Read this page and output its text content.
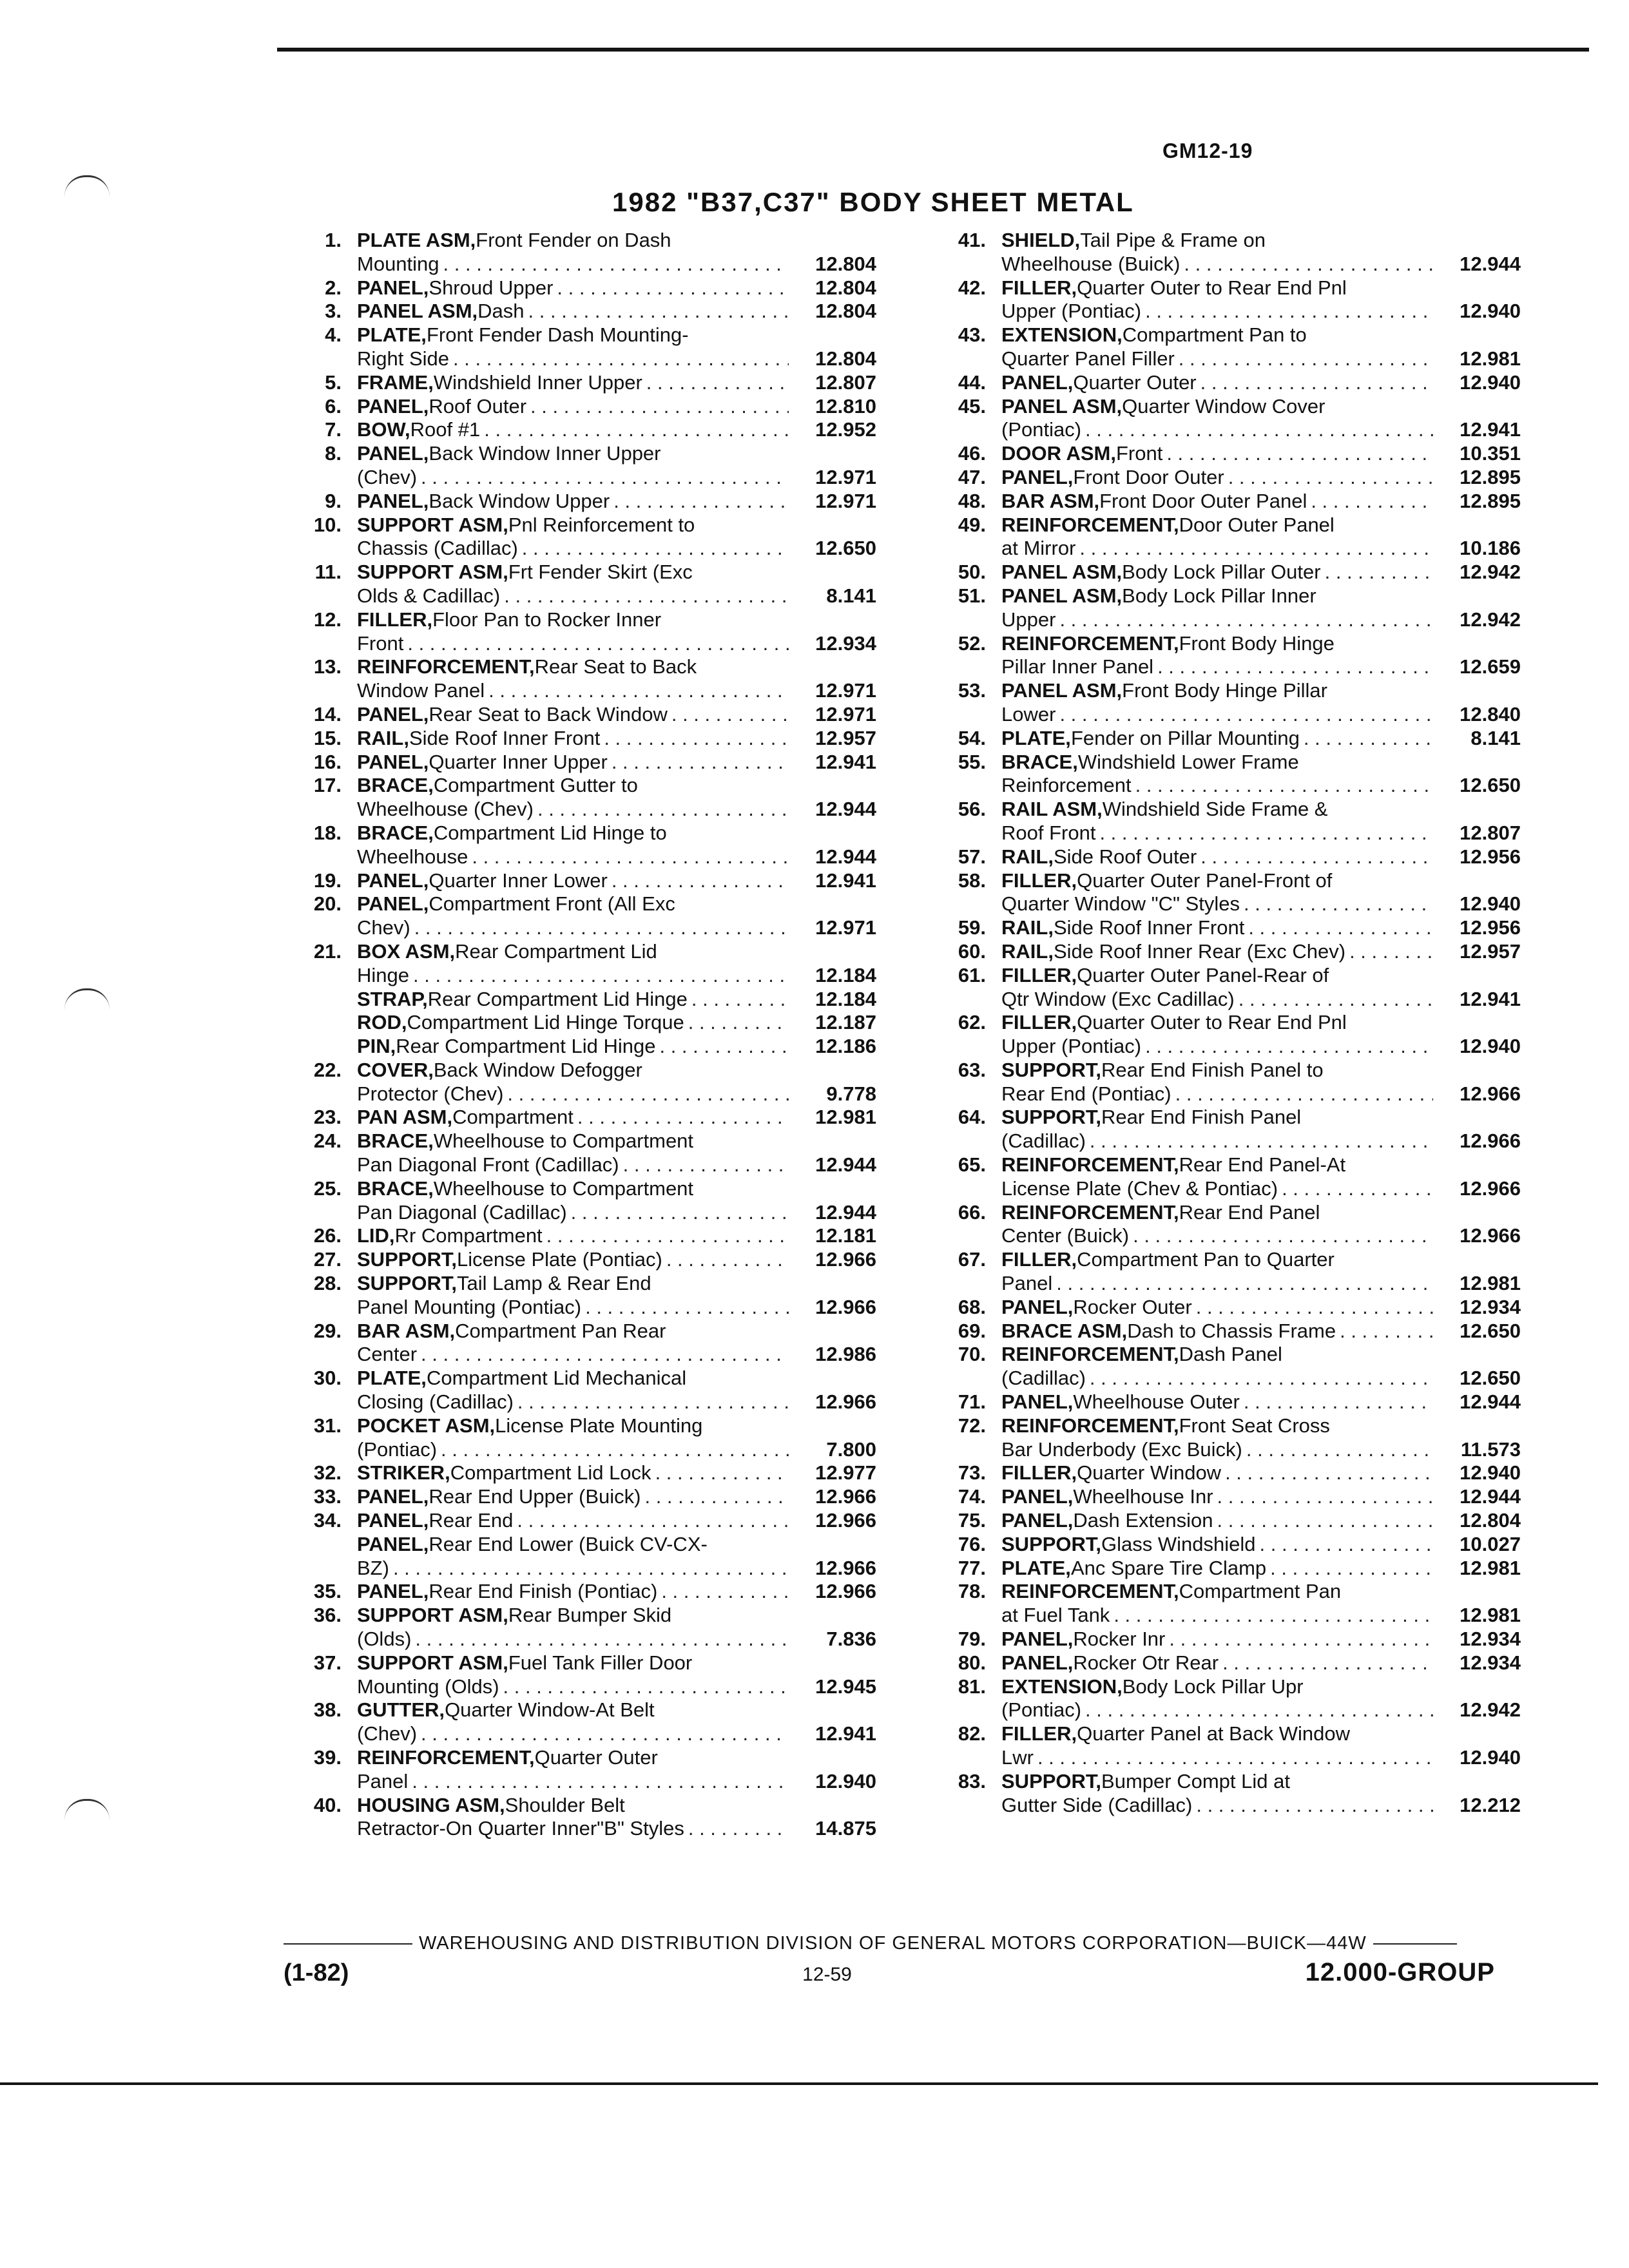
GM12-19
1982 "B37,C37" BODY SHEET METAL
1. PLATE ASM, Front Fender on Dash
Mounting . . .	12.804
2. PANEL, Shroud Upper . . .	12.804
3. PANEL ASM, Dash . . .	12.804
4. PLATE, Front Fender Dash Mounting-
Right Side . . .	12.804
5. FRAME, Windshield Inner Upper . . .	12.807
6. PANEL, Roof Outer . . .	12.810
7. BOW, Roof #1 . . .	12.952
8. PANEL, Back Window Inner Upper
(Chev) . . .	12.971
9. PANEL, Back Window Upper . . .	12.971
10. SUPPORT ASM, Pnl Reinforcement to
Chassis (Cadillac) . . .	12.650
11. SUPPORT ASM, Frt Fender Skirt (Exc
Olds & Cadillac) . . .	8.141
12. FILLER, Floor Pan to Rocker Inner
Front . . .	12.934
13. REINFORCEMENT, Rear Seat to Back
Window Panel . . .	12.971
14. PANEL, Rear Seat to Back Window . . .	12.971
15. RAIL, Side Roof Inner Front . . .	12.957
16. PANEL, Quarter Inner Upper . . .	12.941
17. BRACE, Compartment Gutter to
Wheelhouse (Chev) . . .	12.944
18. BRACE, Compartment Lid Hinge to
Wheelhouse . . .	12.944
19. PANEL, Quarter Inner Lower . . .	12.941
20. PANEL, Compartment Front (All Exc
Chev) . . .	12.971
21. BOX ASM, Rear Compartment Lid
Hinge . . .	12.184
STRAP, Rear Compartment Lid Hinge . . .	12.184
ROD, Compartment Lid Hinge Torque . . .	12.187
PIN, Rear Compartment Lid Hinge . . .	12.186
22. COVER, Back Window Defogger
Protector (Chev) . . .	9.778
23. PAN ASM, Compartment . . .	12.981
24. BRACE, Wheelhouse to Compartment
Pan Diagonal Front (Cadillac) . . .	12.944
25. BRACE, Wheelhouse to Compartment
Pan Diagonal (Cadillac) . . .	12.944
26. LID, Rr Compartment . . .	12.181
27. SUPPORT, License Plate (Pontiac) . . .	12.966
28. SUPPORT, Tail Lamp & Rear End
Panel Mounting (Pontiac) . . .	12.966
29. BAR ASM, Compartment Pan Rear
Center . . .	12.986
30. PLATE, Compartment Lid Mechanical
Closing (Cadillac) . . .	12.966
31. POCKET ASM, License Plate Mounting
(Pontiac) . . .	7.800
32. STRIKER, Compartment Lid Lock . . .	12.977
33. PANEL, Rear End Upper (Buick) . . .	12.966
34. PANEL, Rear End . . .	12.966
PANEL, Rear End Lower (Buick CV-CX-
BZ) . . .	12.966
35. PANEL, Rear End Finish (Pontiac) . . .	12.966
36. SUPPORT ASM, Rear Bumper Skid
(Olds) . . .	7.836
37. SUPPORT ASM, Fuel Tank Filler Door
Mounting (Olds) . . .	12.945
38. GUTTER, Quarter Window-At Belt
(Chev) . . .	12.941
39. REINFORCEMENT, Quarter Outer
Panel . . .	12.940
40. HOUSING ASM, Shoulder Belt
Retractor-On Quarter Inner"B" Styles . . .	14.875
41. SHIELD, Tail Pipe & Frame on
Wheelhouse (Buick) . . .	12.944
42. FILLER, Quarter Outer to Rear End Pnl
Upper (Pontiac) . . .	12.940
43. EXTENSION, Compartment Pan to
Quarter Panel Filler . . .	12.981
44. PANEL, Quarter Outer . . .	12.940
45. PANEL ASM, Quarter Window Cover
(Pontiac) . . .	12.941
46. DOOR ASM, Front . . .	10.351
47. PANEL, Front Door Outer . . .	12.895
48. BAR ASM, Front Door Outer Panel . . .	12.895
49. REINFORCEMENT, Door Outer Panel
at Mirror . . .	10.186
50. PANEL ASM, Body Lock Pillar Outer . . .	12.942
51. PANEL ASM, Body Lock Pillar Inner
Upper . . .	12.942
52. REINFORCEMENT, Front Body Hinge
Pillar Inner Panel . . .	12.659
53. PANEL ASM, Front Body Hinge Pillar
Lower . . .	12.840
54. PLATE, Fender on Pillar Mounting . . .	8.141
55. BRACE, Windshield Lower Frame
Reinforcement . . .	12.650
56. RAIL ASM, Windshield Side Frame &
Roof Front . . .	12.807
57. RAIL, Side Roof Outer . . .	12.956
58. FILLER, Quarter Outer Panel-Front of
Quarter Window "C" Styles . . .	12.940
59. RAIL, Side Roof Inner Front . . .	12.956
60. RAIL, Side Roof Inner Rear (Exc Chev) . . .	12.957
61. FILLER, Quarter Outer Panel-Rear of
Qtr Window (Exc Cadillac) . . .	12.941
62. FILLER, Quarter Outer to Rear End Pnl
Upper (Pontiac) . . .	12.940
63. SUPPORT, Rear End Finish Panel to
Rear End (Pontiac) . . .	12.966
64. SUPPORT, Rear End Finish Panel
(Cadillac) . . .	12.966
65. REINFORCEMENT, Rear End Panel-At
License Plate (Chev & Pontiac) . . .	12.966
66. REINFORCEMENT, Rear End Panel
Center (Buick) . . .	12.966
67. FILLER, Compartment Pan to Quarter
Panel . . .	12.981
68. PANEL, Rocker Outer . . .	12.934
69. BRACE ASM, Dash to Chassis Frame . . .	12.650
70. REINFORCEMENT, Dash Panel
(Cadillac) . . .	12.650
71. PANEL, Wheelhouse Outer . . .	12.944
72. REINFORCEMENT, Front Seat Cross
Bar Underbody (Exc Buick) . . .	11.573
73. FILLER, Quarter Window . . .	12.940
74. PANEL, Wheelhouse Inr . . .	12.944
75. PANEL, Dash Extension . . .	12.804
76. SUPPORT, Glass Windshield . . .	10.027
77. PLATE, Anc Spare Tire Clamp . . .	12.981
78. REINFORCEMENT, Compartment Pan
at Fuel Tank . . .	12.981
79. PANEL, Rocker Inr . . .	12.934
80. PANEL, Rocker Otr Rear . . .	12.934
81. EXTENSION, Body Lock Pillar Upr
(Pontiac) . . .	12.942
82. FILLER, Quarter Panel at Back Window
Lwr . . .	12.940
83. SUPPORT, Bumper Compt Lid at
Gutter Side (Cadillac) . . .	12.212
WAREHOUSING AND DISTRIBUTION DIVISION OF GENERAL MOTORS CORPORATION—BUICK—44W
(1-82)	12-59	12.000-GROUP
